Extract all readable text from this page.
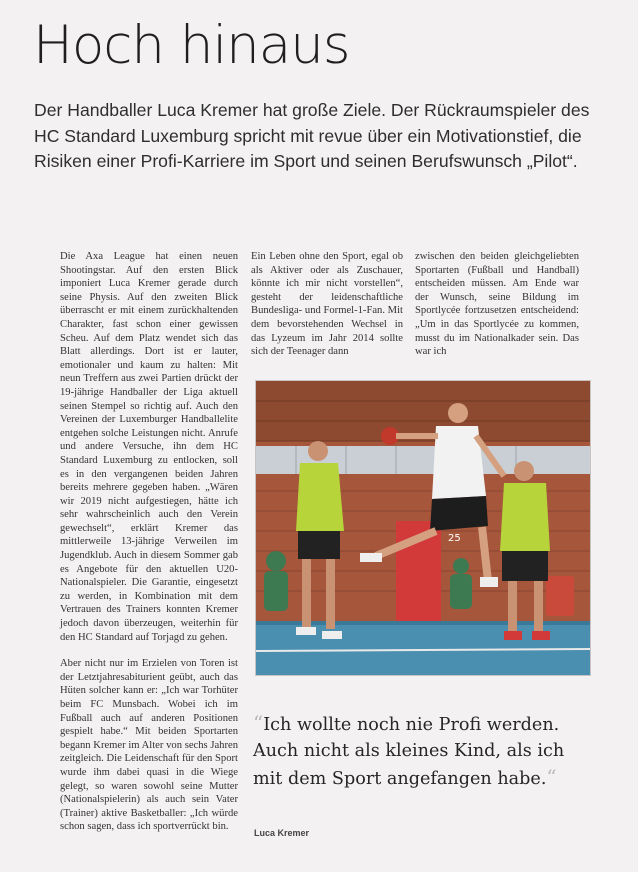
Hoch hinaus

Der Handballer Luca Kremer hat große Ziele. Der Rückraumspieler des HC Standard Luxemburg spricht mit revue über ein Motivationstief, die Risiken einer Profi-Karriere im Sport und seinen Berufswunsch „Pilot“.

Die Axa League hat einen neuen Shootingstar. Auf den ersten Blick imponiert Luca Kremer gerade durch seine Physis. Auf den zweiten Blick überrascht er mit einem zurückhaltenden Charakter, fast schon einer gewissen Scheu. Auf dem Platz wendet sich das Blatt allerdings. Dort ist er lauter, emotionaler und kaum zu halten: Mit neun Treffern aus zwei Partien drückt der 19-jährige Handballer der Liga aktuell seinen Stempel so richtig auf. Auch den Vereinen der Luxemburger Handballelite entgehen solche Leistungen nicht. Anrufe und andere Versuche, ihn dem HC Standard Luxemburg zu entlocken, soll es in den vergangenen beiden Jahren bereits mehrere gegeben haben. „Wären wir 2019 nicht aufgestiegen, hätte ich sehr wahrscheinlich auch den Verein gewechselt“, erklärt Kremer das mittlerweile 13-jährige Verweilen im Jugendklub. Auch in diesem Sommer gab es Angebote für den aktuellen U20-Nationalspieler. Die Garantie, eingesetzt zu werden, in Kombination mit dem Vertrauen des Trainers konnten Kremer jedoch davon überzeugen, weiterhin für den HC Standard auf Torjagd zu gehen.

Aber nicht nur im Erzielen von Toren ist der Letztjahresabiturient geübt, auch das Hüten solcher kann er: „Ich war Torhüter beim FC Munsbach. Wobei ich im Fußball auch auf anderen Positionen gespielt habe.“ Mit beiden Sportarten begann Kremer im Alter von sechs Jahren zeitgleich. Die Leidenschaft für den Sport wurde ihm dabei quasi in die Wiege gelegt, so waren sowohl seine Mutter (Nationalspielerin) als auch sein Vater (Trainer) aktive Basketballer: „Ich würde schon sagen, dass ich sportverrückt bin.

Ein Leben ohne den Sport, egal ob als Aktiver oder als Zuschauer, könnte ich mir nicht vorstellen“, gesteht der leidenschaftliche Bundesliga- und Formel-1-Fan. Mit dem bevorstehenden Wechsel in das Lyzeum im Jahr 2014 sollte sich der Teenager dann

zwischen den beiden gleichgeliebten Sportarten (Fußball und Handball) entscheiden müssen. Am Ende war der Wunsch, seine Bildung im Sportlycée fortzusetzen entscheidend: „Um in das Sportlycée zu kommen, musst du im Nationalkader sein. Das war ich

25

“Ich wollte noch nie Profi werden. Auch nicht als kleines Kind, als ich mit dem Sport angefangen habe.“

Luca Kremer
